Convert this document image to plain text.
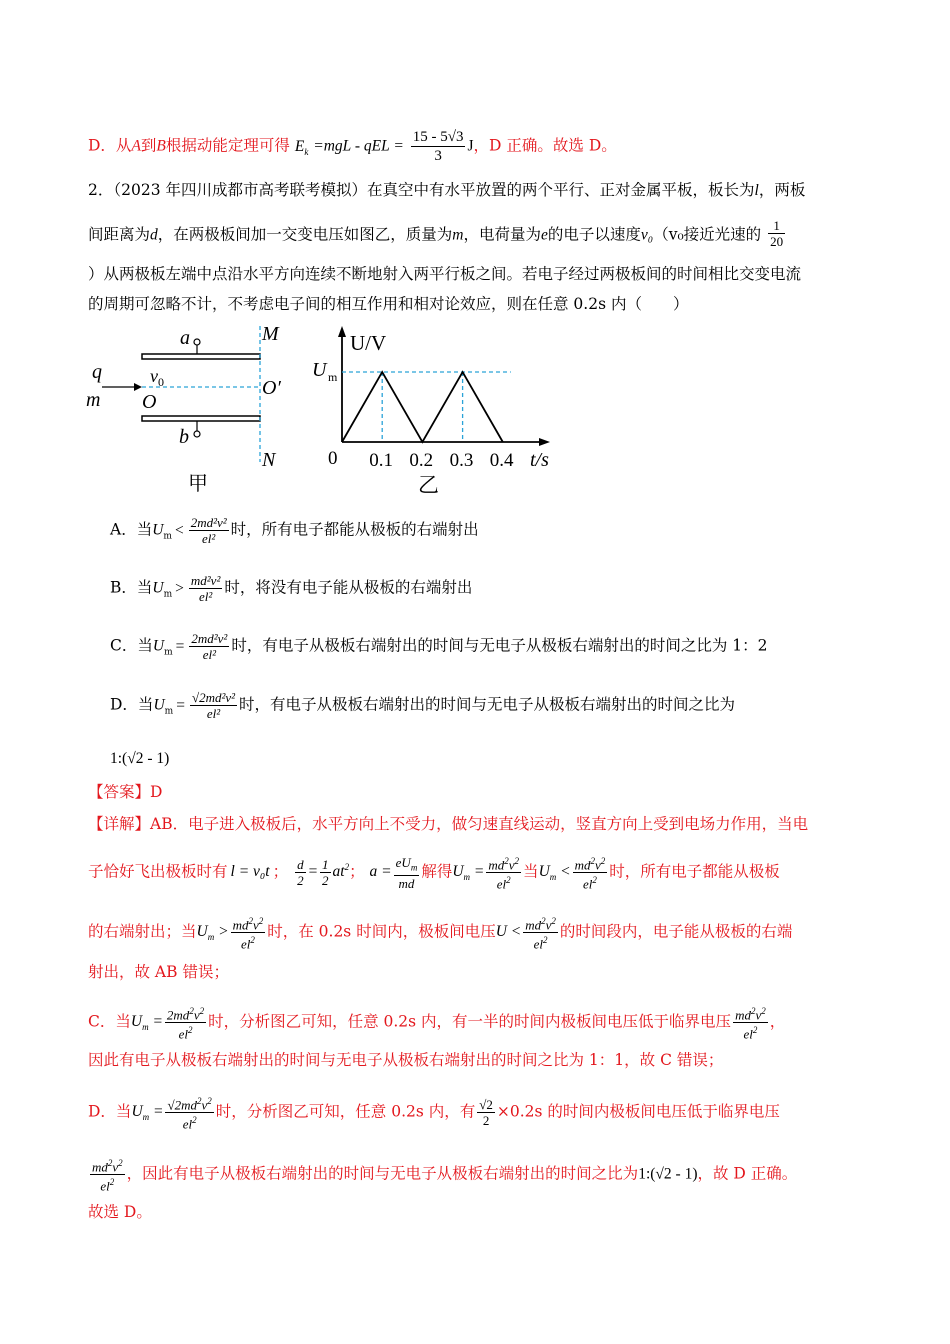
D．从A到B根据动能定理可得 $E_k =mgL$ - qEL = $\frac{15 - 5√3}{3}$ J，D 正确。故选 D。
2．（2023 年四川成都市高考联考模拟）在真空中有水平放置的两个平行、正对金属平板，板长为l，两板
间距离为d，在两极板间加一交变电压如图乙，质量为m，电荷量为e的电子以速度v₀（v₀接近光速的 $\frac{1}{20}$
）从两极板左端中点沿水平方向连续不断地射入两平行板之间。若电子经过两极板间的时间相比交变电流
的周期可忽略不计，不考虑电子间的相互作用和相对论效应，则在任意 0.2s 内（　　）
a
b
M
N
q
m
$v_0$
O
O′
甲
0.1 0.2 0.3 0.4
0
U/V
t/s
U m
乙
A．当$U_m < \frac{\text{2md²v²}}{\text{el²}}$ 时，所有电子都能从极板的右端射出
B．当$U_m > \frac{\text{md²v²}}{\text{el²}}$ 时，将没有电子能从极板的右端射出
C．当$U_m = \frac{\text{2md²v²}}{\text{el²}}$ 时，有电子从极板右端射出的时间与无电子从极板右端射出的时间之比为 1：2
D．当$U_m = \frac{\text{√2md²v²}}{\text{el²}}$ 时，有电子从极板右端射出的时间与无电子从极板右端射出的时间之比为
1:(√2 - 1)
【答案】D
【详解】AB．电子进入极板后，水平方向上不受力，做匀速直线运动，竖直方向上受到电场力作用，当电
子恰好飞出极板时有 l = v₀t ； $\frac{d}{2} = \frac{1}{2} at^2$； $a = \frac{eU_m}{md}$ 解得$U_m = \frac{md^2v^2}{el^2}$ 当$U_m < \frac{md^2v^2}{el^2}$ 时，所有电子都能从极板
的右端射出；当$U_m > \frac{md^2v^2}{el^2}$ 时，在 0.2s 时间内，极板间电压$U < \frac{md^2v^2}{el^2}$ 的时间段内，电子能从极板的右端
射出，故 AB 错误；
C．当$U_m = \frac{2md^2v^2}{el^2}$ 时，分析图乙可知，任意 0.2s 内，有一半的时间内极板间电压低于临界电压 $\frac{md^2v^2}{el^2}$ ，
因此有电子从极板右端射出的时间与无电子从极板右端射出的时间之比为 1：1，故 C 错误；
D．当$U_m = \frac{√2md^2v^2}{el^2}$ 时，分析图乙可知，任意 0.2s 内，有 $\frac{√2}{2} \times 0.2s$ 的时间内极板间电压低于临界电压
$\frac{md^2v^2}{el^2}$ ，因此有电子从极板右端射出的时间与无电子从极板右端射出的时间之比为1:(√2 - 1)，故 D 正确。
故选 D。
